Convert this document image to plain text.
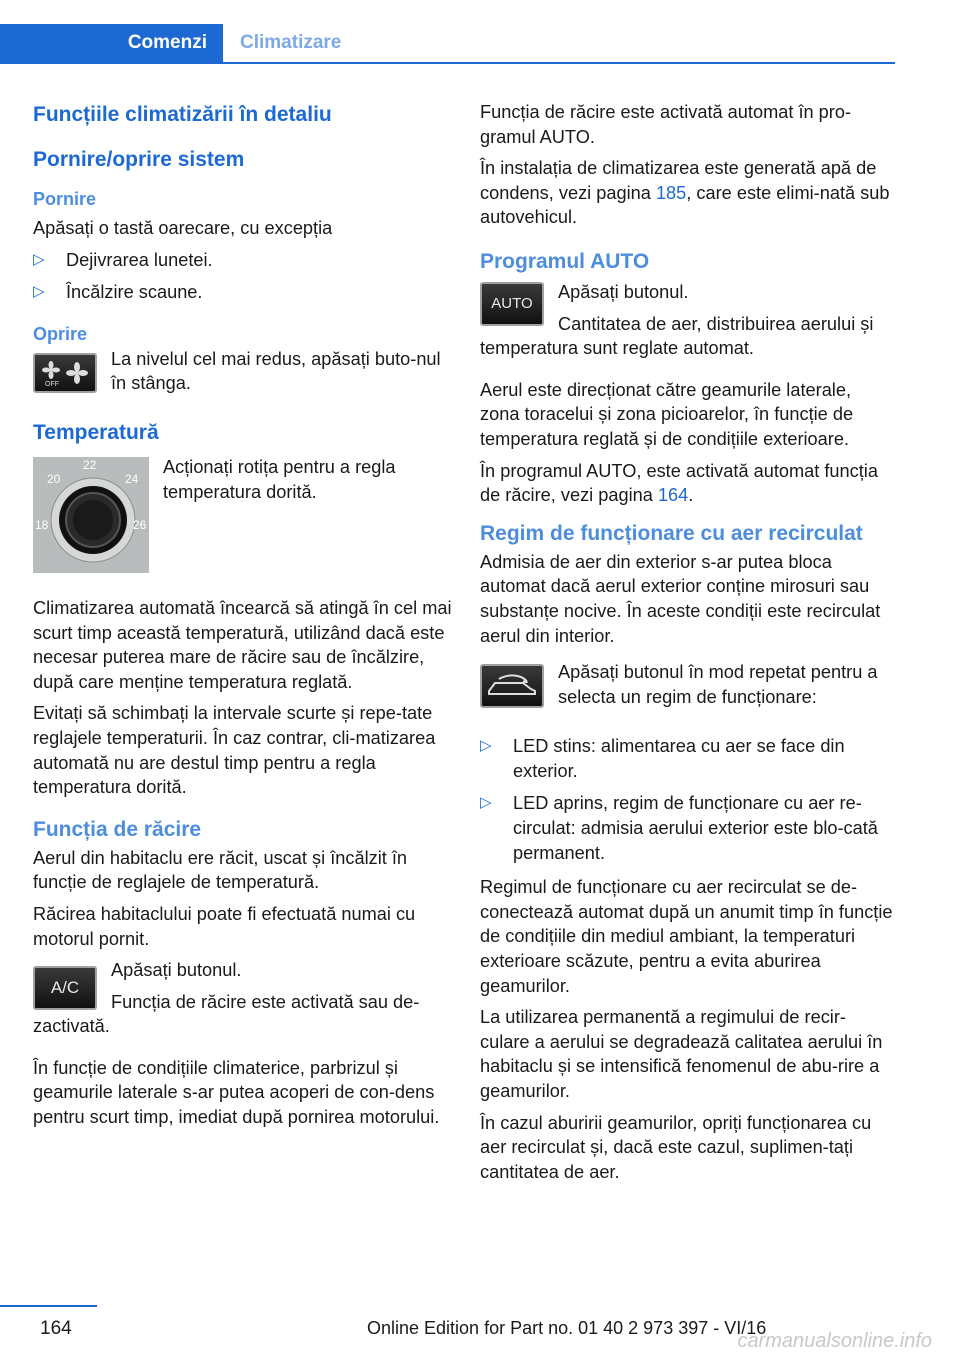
Comenzi Climatizare
Funcțiile climatizării în detaliu
Pornire/oprire sistem
Pornire

Apăsați o tastă oarecare, cu excepția

▷ Dejivrarea lunetei.
▷ Încălzire scaune.
Oprire
OFF

La nivelul cel mai redus, apăsați buto‐nul în stânga.

Temperatură
20
22
24
18	26

Acționați rotița pentru a regla temperatura dorită.

Climatizarea automată încearcă să atingă în cel mai scurt timp această temperatură, utilizând dacă este necesar puterea mare de răcire sau de încălzire, după care menține temperatura reglată.

Evitați să schimbați la intervale scurte și repe‐tate reglajele temperaturii. În caz contrar, cli‐matizarea automată nu are destul timp pentru a regla temperatura dorită.

Funcția de răcire

Aerul din habitaclu ere răcit, uscat și încălzit în funcție de reglajele de temperatură.

Răcirea habitaclului poate fi efectuată numai cu motorul pornit.

A/C

Apăsați butonul.

Funcția de răcire este activată sau de‐zactivată.

În funcție de condițiile climaterice, parbrizul și geamurile laterale s-ar putea acoperi de con‐dens pentru scurt timp, imediat după pornirea motorului.

Funcția de răcire este activată automat în pro‐gramul AUTO.

În instalația de climatizarea este generată apă de condens, vezi pagina 185, care este elimi‐nată sub autovehicul.

Programul AUTO
AUTO

Apăsați butonul.

Cantitatea de aer, distribuirea aerului și temperatura sunt reglate automat.

Aerul este direcționat către geamurile laterale, zona toracelui și zona picioarelor, în funcție de temperatura reglată și de condițiile exterioare.

În programul AUTO, este activată automat funcția de răcire, vezi pagina 164.

Regim de funcționare cu aer recirculat

Admisia de aer din exterior s-ar putea bloca automat dacă aerul exterior conține mirosuri sau substanțe nocive. În aceste condiții este recirculat aerul din interior.

Apăsați butonul în mod repetat pentru a selecta un regim de funcționare:

▷ LED stins: alimentarea cu aer se face din exterior.
▷ LED aprins, regim de funcționare cu aer re‐circulat: admisia aerului exterior este blo‐cată permanent.

Regimul de funcționare cu aer recirculat se de‐conectează automat după un anumit timp în funcție de condițiile din mediul ambiant, la temperaturi exterioare scăzute, pentru a evita aburirea geamurilor.

La utilizarea permanentă a regimului de recir‐culare a aerului se degradează calitatea aerului în habitaclu și se intensifică fenomenul de abu‐rire a geamurilor.

În cazul aburirii geamurilor, opriți funcționarea cu aer recirculat și, dacă este cazul, suplimen‐tați cantitatea de aer.

164	Online Edition for Part no. 01 40 2 973 397 - VI/16
carmanualsonline.info
